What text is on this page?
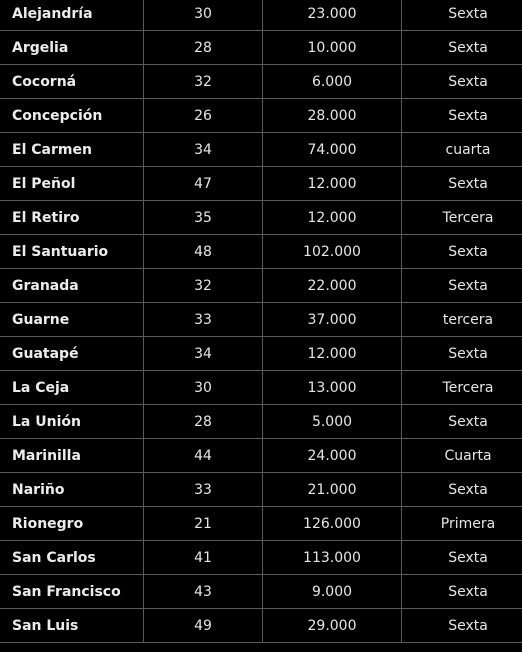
Alejandría	30	23.000	Sexta
Argelia	28	10.000	Sexta
Cocorná	32	6.000	Sexta
Concepción	26	28.000	Sexta
El Carmen	34	74.000	cuarta
El Peñol	47	12.000	Sexta
El Retiro	35	12.000	Tercera
El Santuario	48	102.000	Sexta
Granada	32	22.000	Sexta
Guarne	33	37.000	tercera
Guatapé	34	12.000	Sexta
La Ceja	30	13.000	Tercera
La Unión	28	5.000	Sexta
Marinilla	44	24.000	Cuarta
Nariño	33	21.000	Sexta
Rionegro	21	126.000	Primera
San Carlos	41	113.000	Sexta
San Francisco	43	9.000	Sexta
San Luis	49	29.000	Sexta
